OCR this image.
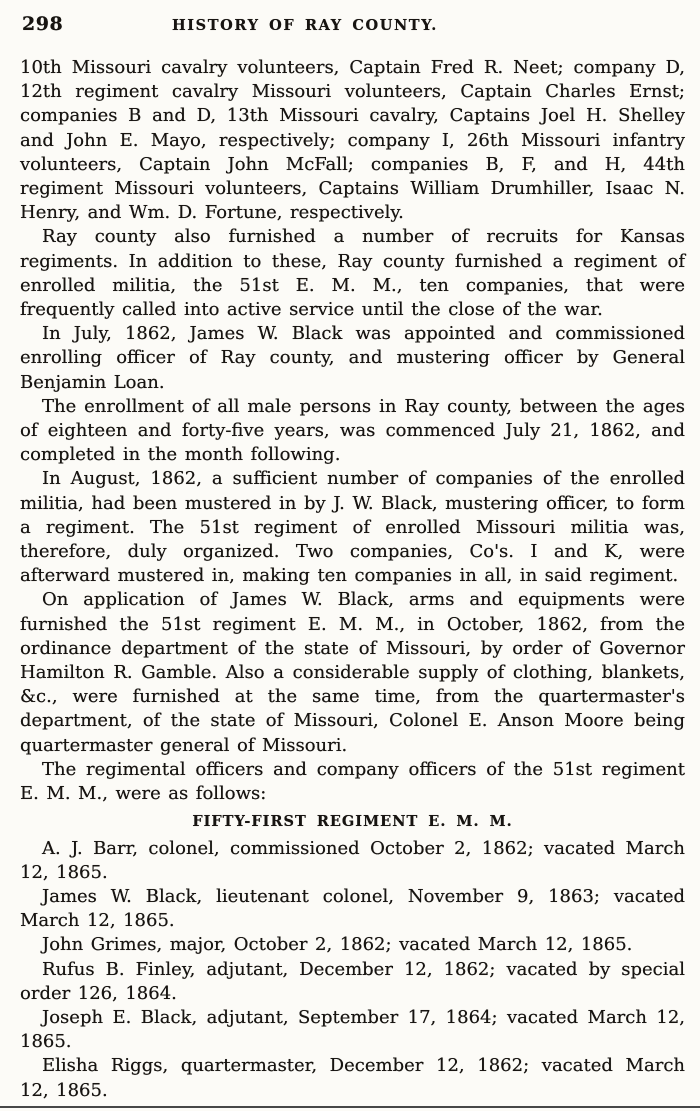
298	HISTORY OF RAY COUNTY.

10th Missouri cavalry volunteers, Captain Fred R. Neet; company D, 12th regiment cavalry Missouri volunteers, Captain Charles Ernst; companies B and D, 13th Missouri cavalry, Captains Joel H. Shelley and John E. Mayo, respectively; company I, 26th Missouri infantry volunteers, Captain John McFall; companies B, F, and H, 44th regiment Missouri volunteers, Captains William Drumhiller, Isaac N. Henry, and Wm. D. Fortune, respectively.

Ray county also furnished a number of recruits for Kansas regiments. In addition to these, Ray county furnished a regiment of enrolled militia, the 51st E. M. M., ten companies, that were frequently called into active service until the close of the war.

In July, 1862, James W. Black was appointed and commissioned enrolling officer of Ray county, and mustering officer by General Benjamin Loan.

The enrollment of all male persons in Ray county, between the ages of eighteen and forty-five years, was commenced July 21, 1862, and completed in the month following.

In August, 1862, a sufficient number of companies of the enrolled militia, had been mustered in by J. W. Black, mustering officer, to form a regiment. The 51st regiment of enrolled Missouri militia was, therefore, duly organized. Two companies, Co's. I and K, were afterward mustered in, making ten companies in all, in said regiment.

On application of James W. Black, arms and equipments were furnished the 51st regiment E. M. M., in October, 1862, from the ordinance department of the state of Missouri, by order of Governor Hamilton R. Gamble. Also a considerable supply of clothing, blankets, &c., were furnished at the same time, from the quartermaster's department, of the state of Missouri, Colonel E. Anson Moore being quartermaster general of Missouri.

The regimental officers and company officers of the 51st regiment E. M. M., were as follows:

FIFTY-FIRST REGIMENT E. M. M.

A. J. Barr, colonel, commissioned October 2, 1862; vacated March 12, 1865.

James W. Black, lieutenant colonel, November 9, 1863; vacated March 12, 1865.

John Grimes, major, October 2, 1862; vacated March 12, 1865.

Rufus B. Finley, adjutant, December 12, 1862; vacated by special order 126, 1864.

Joseph E. Black, adjutant, September 17, 1864; vacated March 12, 1865.

Elisha Riggs, quartermaster, December 12, 1862; vacated March 12, 1865.
